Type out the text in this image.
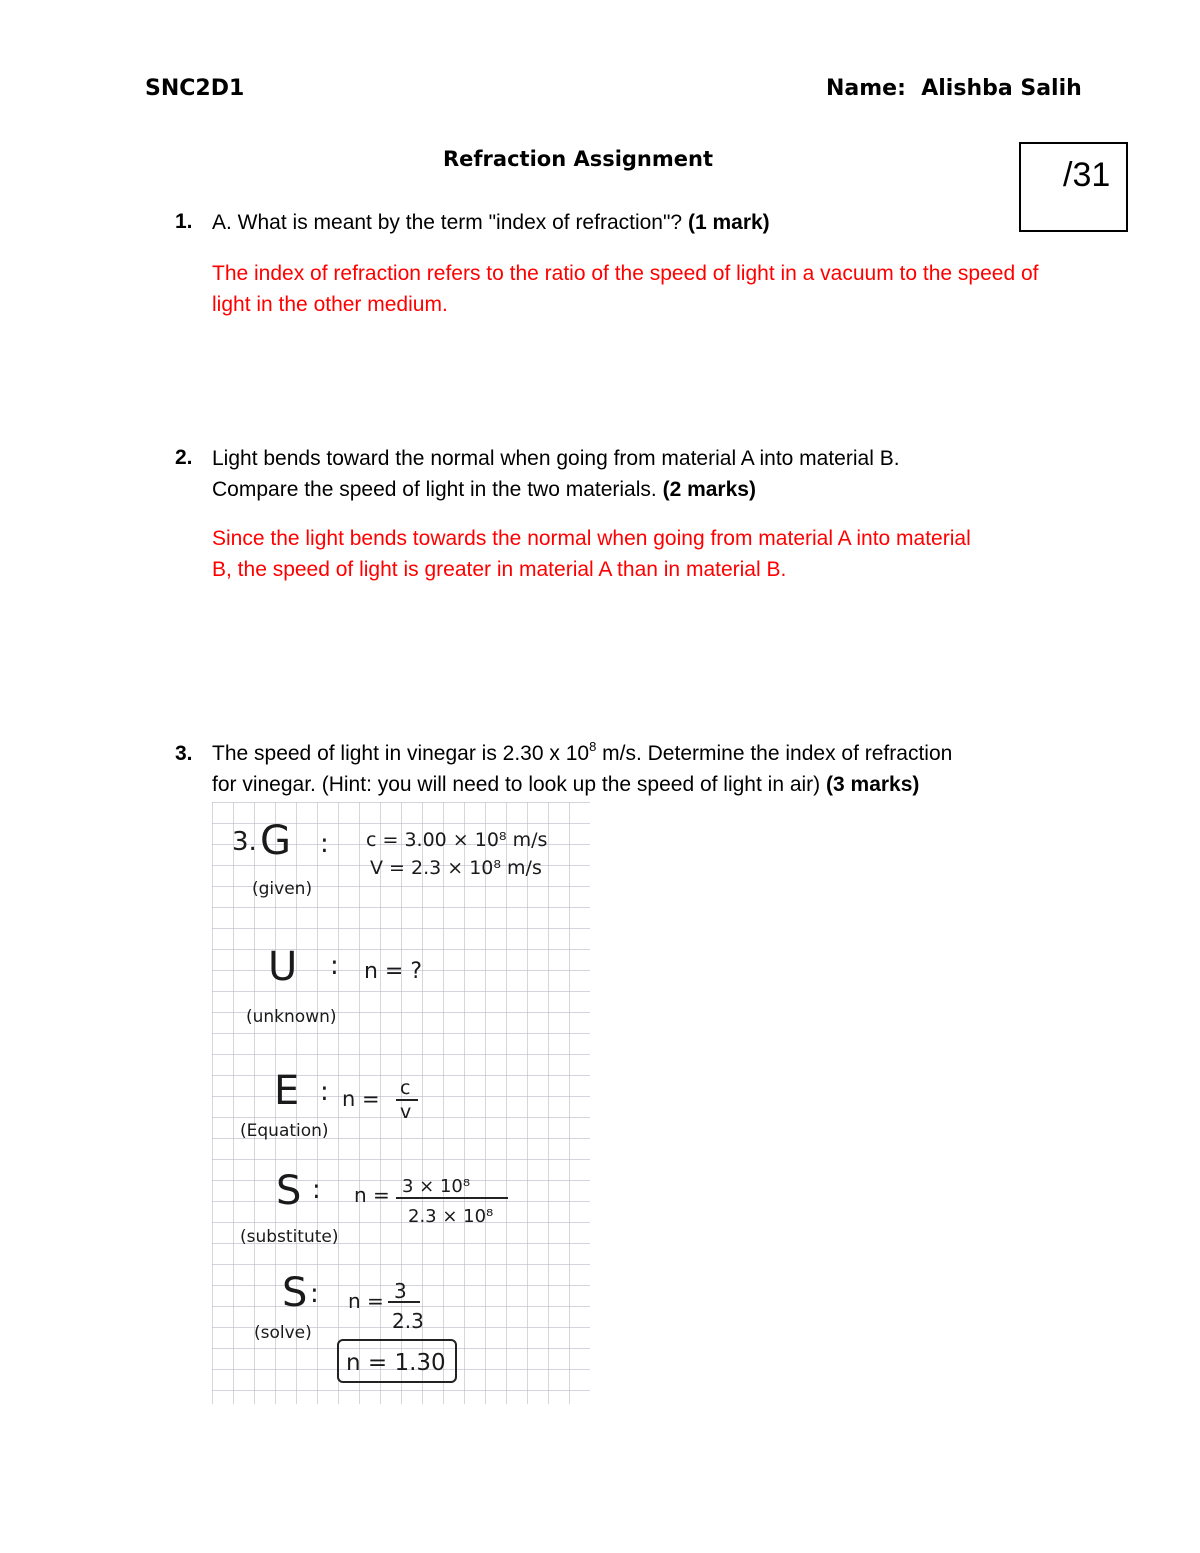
SNC2D1	Name: Alishba Salih
Refraction Assignment	/31
1. A. What is meant by the term "index of refraction"? (1 mark)
The index of refraction refers to the ratio of the speed of light in a vacuum to the speed of light in the other medium.
2. Light bends toward the normal when going from material A into material B.
Compare the speed of light in the two materials. (2 marks)
Since the light bends towards the normal when going from material A into material B, the speed of light is greater in material A than in material B.
3. The speed of light in vinegar is 2.30 x $10^8$ m/s. Determine the index of refraction
for vinegar. (Hint: you will need to look up the speed of light in air) (3 marks)
3. G : c = 3.00 × 10⁸ m/s
V = 2.3 × 10⁸ m/s
(given)
U : n = ?
(unknown)
E : n = c
v
(Equation)
S : n = 3 × 10⁸
2.3 × 10⁸
(substitute)
S : n = 3
2.3
(solve)
n = 1.30
